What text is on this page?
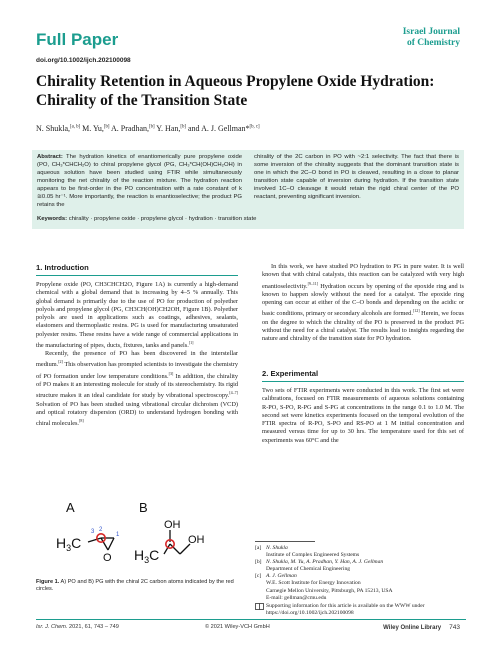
Full Paper	Israel Journal
of Chemistry
doi.org/10.1002/ijch.202100098
Chirality Retention in Aqueous Propylene Oxide Hydration:
Chirality of the Transition State
N. Shukla,[a, b] M. Yu,[b] A. Pradhan,[b] Y. Han,[b] and A. J. Gellman*[b, c]
Abstract: The hydration kinetics of enantiomerically pure propylene oxide (PO, CH₃*CHCH₂O) to chiral propylene glycol (PG, CH₃*CH(OH)CH₂OH) in aqueous solution have been studied using FTIR while simultaneously monitoring the net chirality of the reaction mixture. The hydration reaction appears to be first-order in the PO concentration with a rate constant of k ≅0.05 hr⁻¹. More importantly, the reaction is enantioselective; the product PG retains the
chirality of the 2C carbon in PO with ~2:1 selectivity. The fact that there is some inversion of the chirality suggests that the dominant transition state is one in which the 2C–O bond in PO is cleaved, resulting in a close to planar transition state capable of inversion during hydration. If the transition state involved 1C–O cleavage it would retain the rigid chiral center of the PO reactant, preventing significant inversion.
Keywords: chirality · propylene oxide · propylene glycol · hydration · transition state
1. Introduction

Propylene oxide (PO, CH3CHCH2O, Figure 1A) is currently a high-demand chemical with a global demand that is increasing by 4–5 % annually. This global demand is primarily due to the use of PO for production of polyether polyols and propylene glycol (PG, CH3CH(OH)CH2OH, Figure 1B). Polyether polyols are used in applications such as coatings, adhesives, sealants, elastomers and thermoplastic resins. PG is used for manufacturing unsaturated polyester resins. These resins have a wide range of commercial applications in the manufacturing of pipes, ducts, fixtures, tanks and panels.[1]

Recently, the presence of PO has been discovered in the interstellar medium.[2] This observation has prompted scientists to investigate the chemistry of PO formation under low temperature conditions.[3] In addition, the chirality of PO makes it an interesting molecule for study of its stereochemistry. Its rigid structure makes it an ideal candidate for study by vibrational spectroscopy.[4–7] Solvation of PO has been studied using vibrational circular dichroism (VCD) and optical rotatory dispersion (ORD) to understand hydrogen bonding with chiral molecules.[8]

In this work, we have studied PO hydration to PG in pure water. It is well known that with chiral catalysts, this reaction can be catalyzed with very high enantioselectivity.[9–11] Hydration occurs by opening of the epoxide ring and is known to happen slowly without the need for a catalyst. The epoxide ring opening can occur at either of the C–O bonds and depending on the acidic or basic conditions, primary or secondary alcohols are formed.[12] Herein, we focus on the degree to which the chirality of the PO is preserved in the product PG without the need for a chiral catalyst. The results lead to insights regarding the nature and chirality of the transition state for PO hydration.

2. Experimental

Two sets of FTIR experiments were conducted in this work. The first set were calibrations, focused on FTIR measurements of aqueous solutions containing R-PO, S-PO, R-PG and S-PG at concentrations in the range 0.1 to 1.0 M. The second set were kinetics experiments focused on the temporal evolution of the FTIR spectra of R-PO, S-PO and RS-PO at 1 M initial concentration and measured versus time for up to 30 hrs. The temperature used for this set of experiments was 60°C and the

A	B
$H_3C$
O
3 2
1
OH
$H_3C$
OH
Figure 1. A) PO and B) PG with the chiral 2C carbon atoms indicated by the red circles.
[a] N. Shukla
Institute of Complex Engineered Systems
[b] N. Shukla, M. Yu, A. Pradhan, Y. Han, A. J. Gellman
Department of Chemical Engineering
[c] A. J. Gellman
W.E. Scott Institute for Energy Innovation
Carnegie Mellon University, Pittsburgh, PA 15213, USA
E-mail: gellman@cmu.edu
Supporting information for this article is available on the WWW under https://doi.org/10.1002/ijch.202100098
Isr. J. Chem. 2021, 61, 743 – 749	© 2021 Wiley-VCH GmbH	Wiley Online Library 743
